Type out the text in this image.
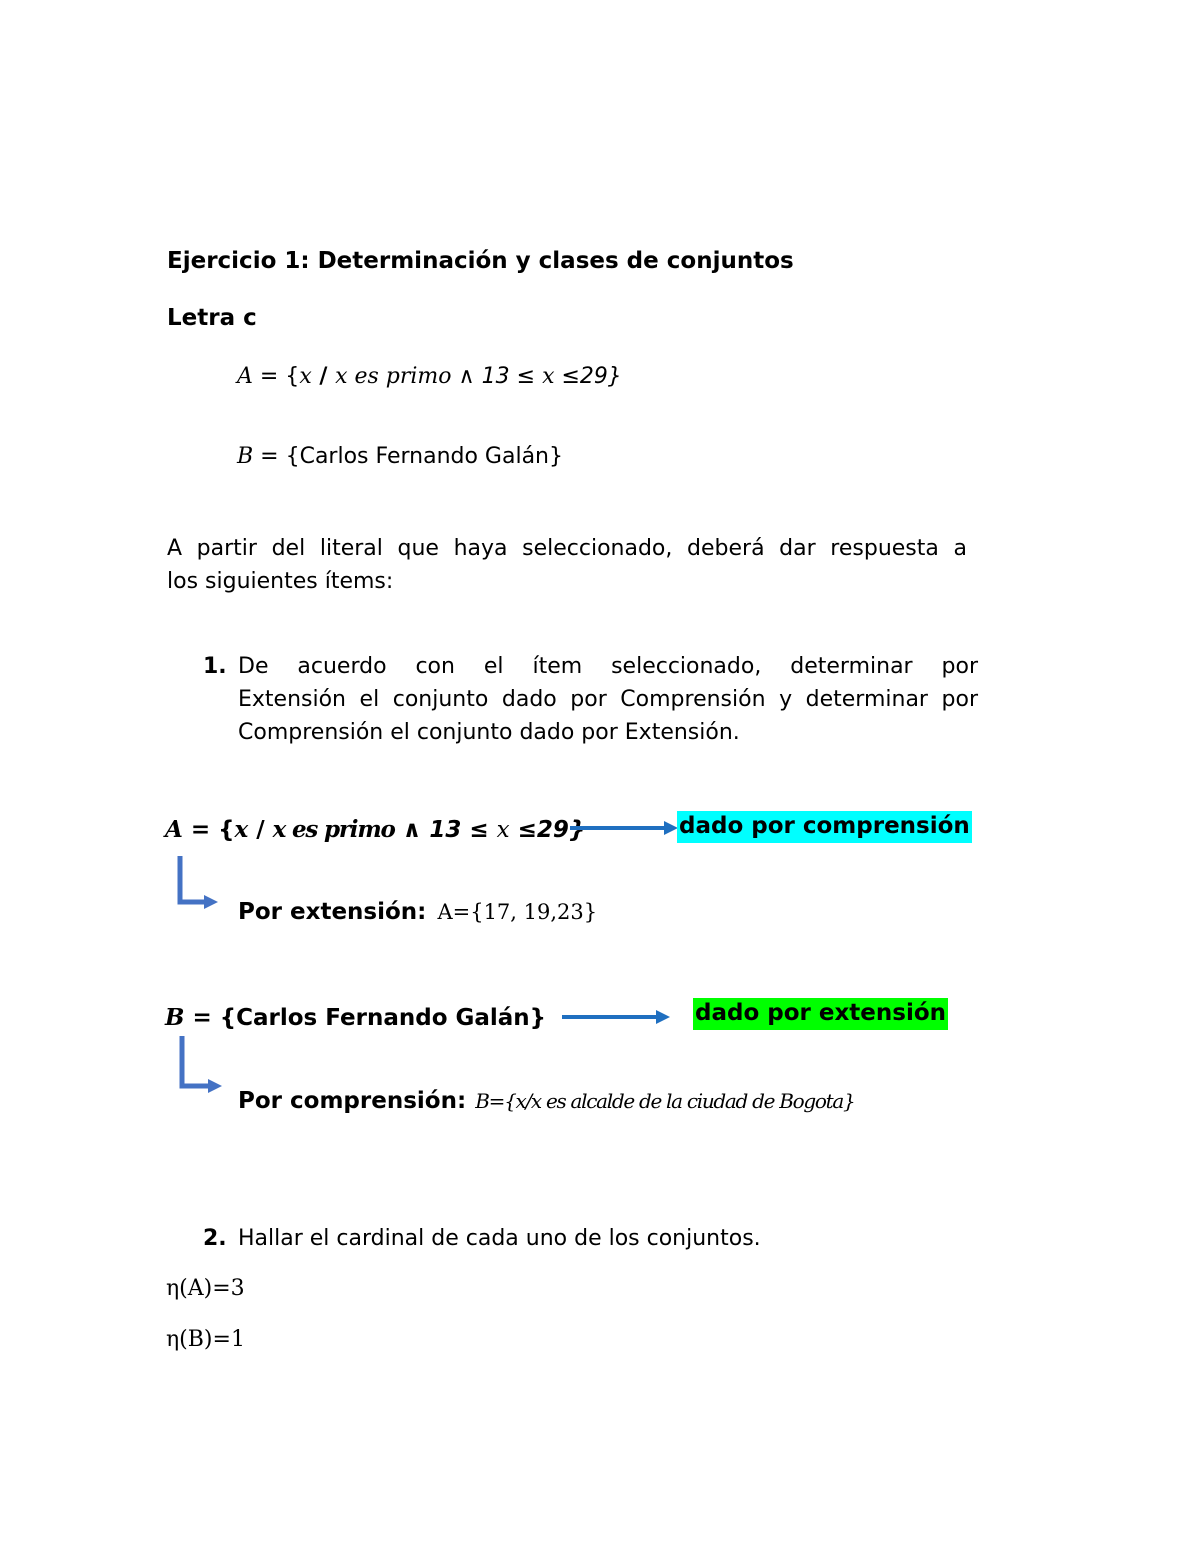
Ejercicio 1: Determinación y clases de conjuntos
Letra c
A = {x / x es primo ∧ 13 ≤ x ≤29}
B = {Carlos Fernando Galán}
A partir del literal que haya seleccionado, deberá dar respuesta a
los siguientes ítems:
1. De acuerdo con el ítem seleccionado, determinar por
Extensión el conjunto dado por Comprensión y determinar por
Comprensión el conjunto dado por Extensión.
A = {x / x es primo ∧ 13 ≤ x ≤29}	dado por comprensión
Por extensión: A={17, 19,23}
B = {Carlos Fernando Galán}	dado por extensión
Por comprensión: B={x/x es alcalde de la ciudad de Bogota}
2. Hallar el cardinal de cada uno de los conjuntos.
η(A)=3
η(B)=1
